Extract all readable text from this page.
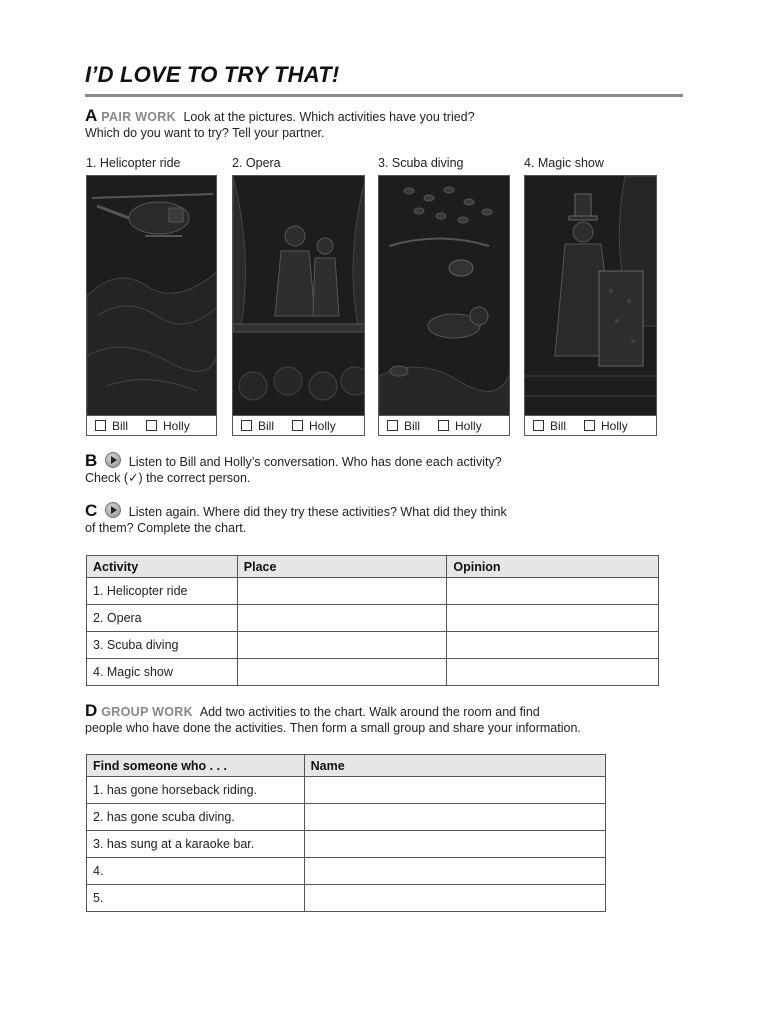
I’D LOVE TO TRY THAT!
A PAIR WORK Look at the pictures. Which activities have you tried?
Which do you want to try? Tell your partner.
1. Helicopter ride	2. Opera	3. Scuba diving	4. Magic show
Bill	Holly	Bill	Holly	Bill	Holly	Bill	Holly
B	Listen to Bill and Holly’s conversation. Who has done each activity?
Check (✓) the correct person.
C	Listen again. Where did they try these activities? What did they think
of them? Complete the chart.
Activity	Place	Opinion
1. Helicopter ride		
2. Opera		
3. Scuba diving		
4. Magic show		
D GROUP WORK Add two activities to the chart. Walk around the room and find
people who have done the activities. Then form a small group and share your information.
Find someone who . . .	Name
1. has gone horseback riding.	
2. has gone scuba diving.	
3. has sung at a karaoke bar.	
4.	
5.	
